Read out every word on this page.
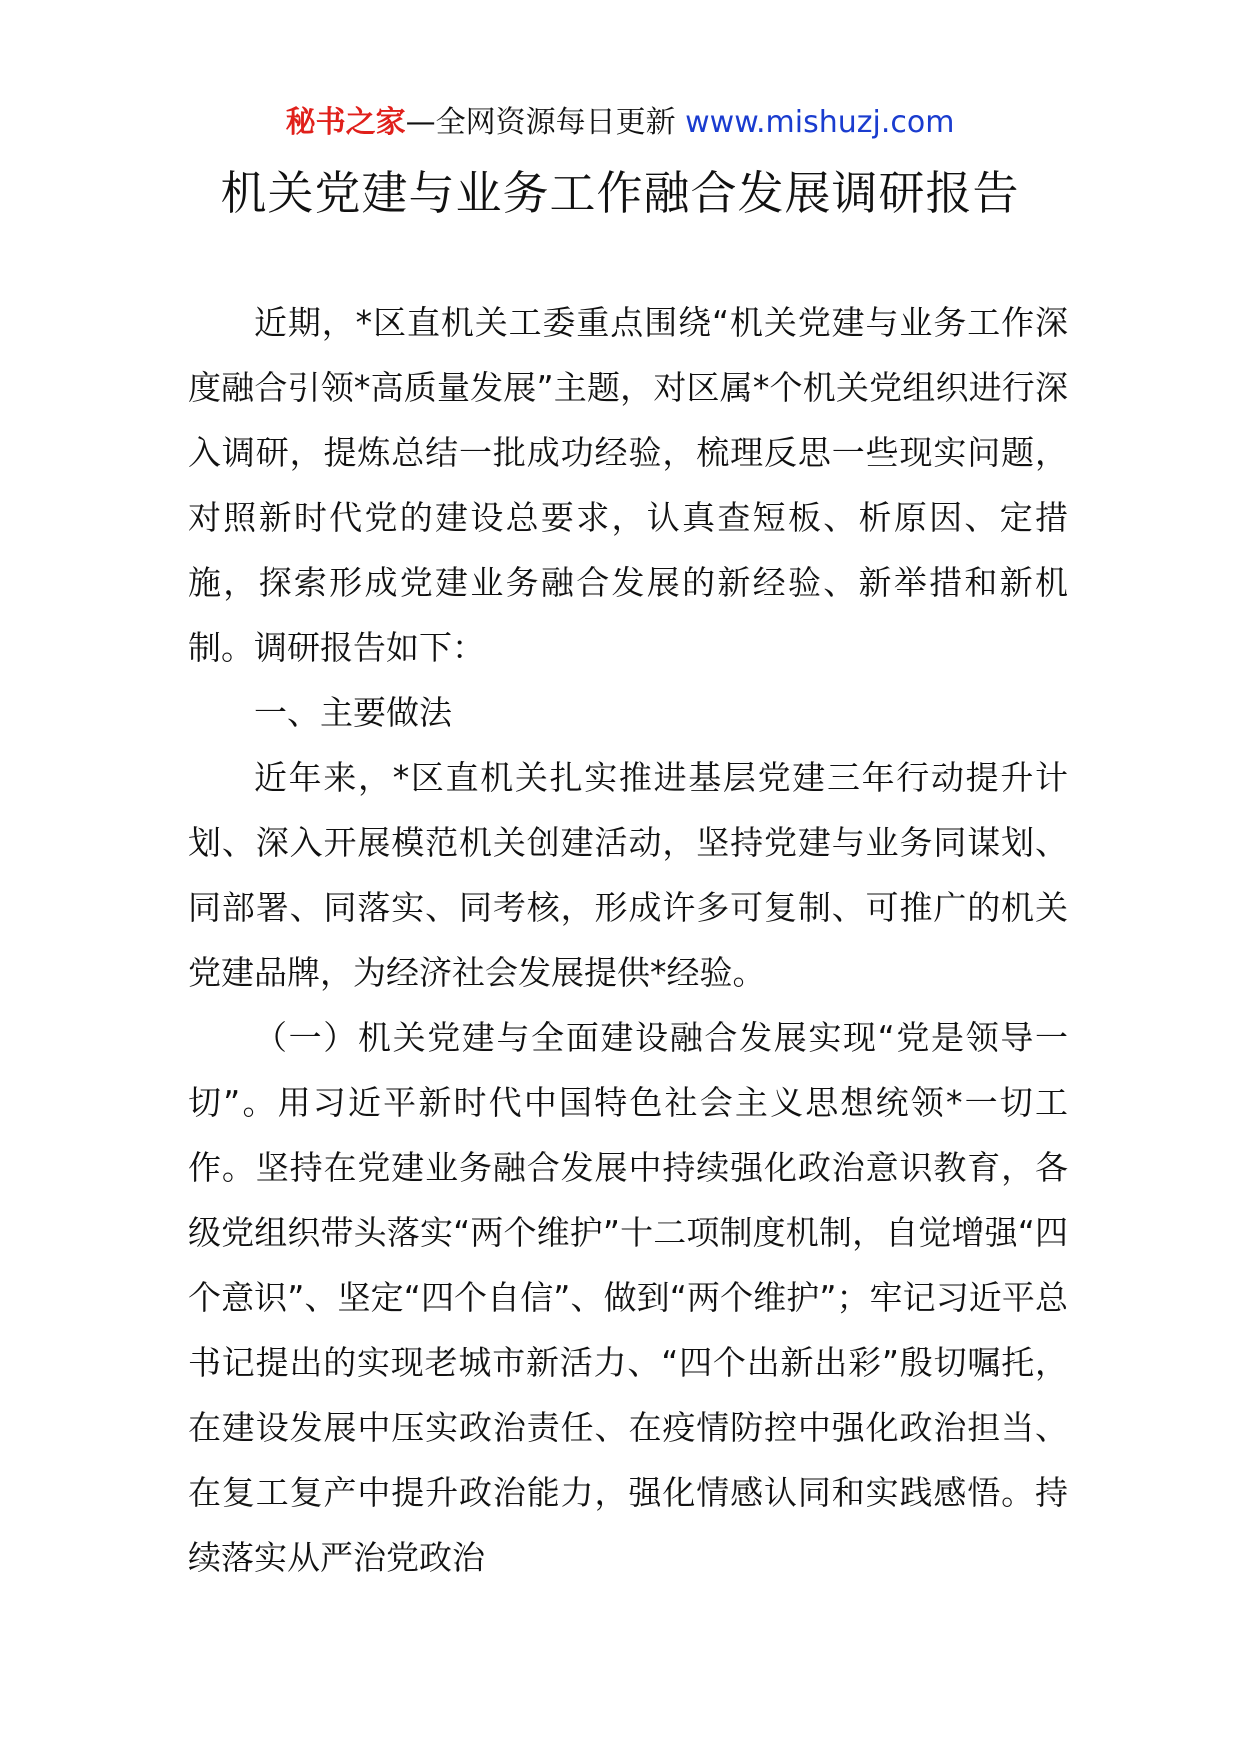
秘书之家—全网资源每日更新 www.mishuzj.com
机关党建与业务工作融合发展调研报告

近期，*区直机关工委重点围绕“机关党建与业务工作深度融合引领*高质量发展”主题，对区属*个机关党组织进行深入调研，提炼总结一批成功经验，梳理反思一些现实问题，对照新时代党的建设总要求，认真查短板、析原因、定措施，探索形成党建业务融合发展的新经验、新举措和新机制。调研报告如下：

一、主要做法

近年来，*区直机关扎实推进基层党建三年行动提升计划、深入开展模范机关创建活动，坚持党建与业务同谋划、同部署、同落实、同考核，形成许多可复制、可推广的机关党建品牌，为经济社会发展提供*经验。

（一）机关党建与全面建设融合发展实现“党是领导一切”。用习近平新时代中国特色社会主义思想统领*一切工作。坚持在党建业务融合发展中持续强化政治意识教育，各级党组织带头落实“两个维护”十二项制度机制，自觉增强“四个意识”、坚定“四个自信”、做到“两个维护”；牢记习近平总书记提出的实现老城市新活力、“四个出新出彩”殷切嘱托，在建设发展中压实政治责任、在疫情防控中强化政治担当、在复工复产中提升政治能力，强化情感认同和实践感悟。持续落实从严治党政治
